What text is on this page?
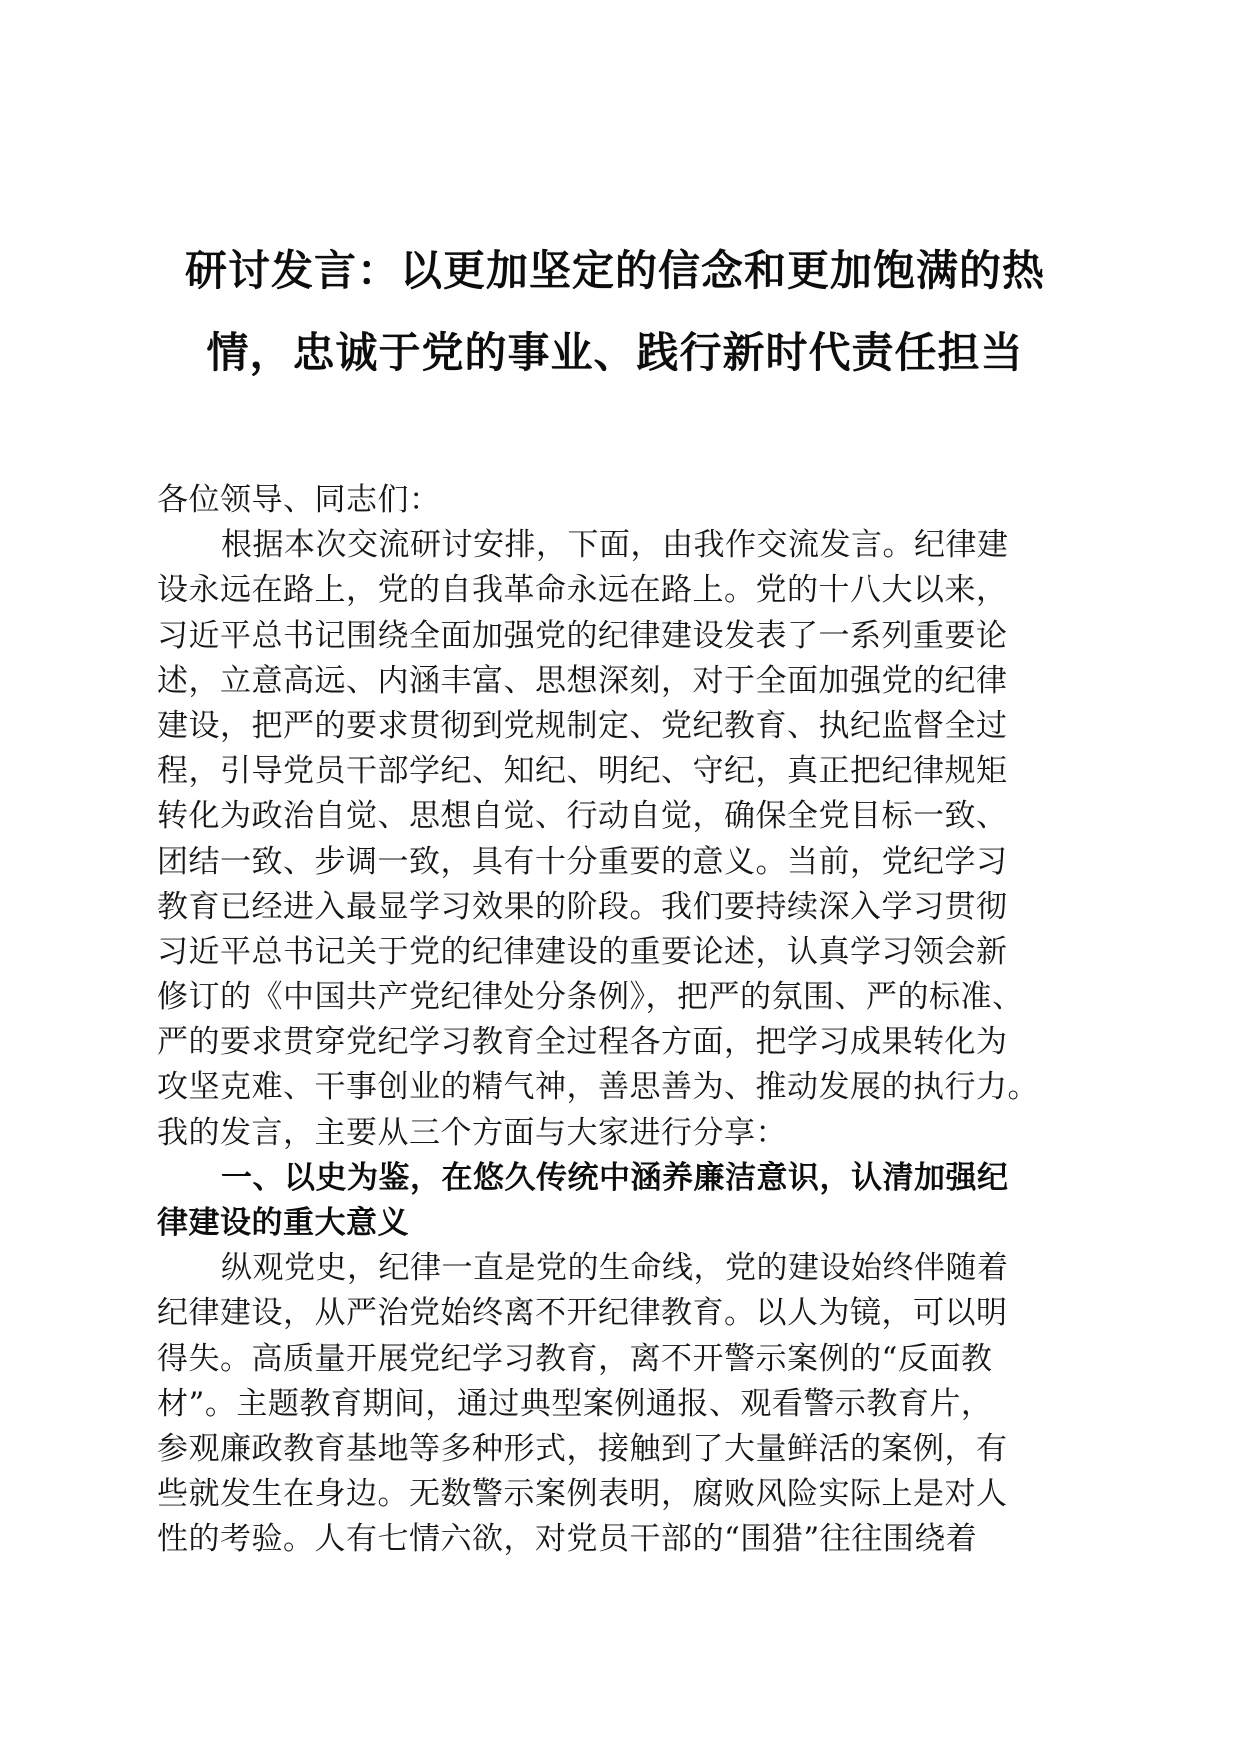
研讨发言：以更加坚定的信念和更加饱满的热
情，忠诚于党的事业、践行新时代责任担当
各位领导、同志们：
根据本次交流研讨安排，下面，由我作交流发言。纪律建
设永远在路上，党的自我革命永远在路上。党的十八大以来，
习近平总书记围绕全面加强党的纪律建设发表了一系列重要论
述，立意高远、内涵丰富、思想深刻，对于全面加强党的纪律
建设，把严的要求贯彻到党规制定、党纪教育、执纪监督全过
程，引导党员干部学纪、知纪、明纪、守纪，真正把纪律规矩
转化为政治自觉、思想自觉、行动自觉，确保全党目标一致、
团结一致、步调一致，具有十分重要的意义。当前，党纪学习
教育已经进入最显学习效果的阶段。我们要持续深入学习贯彻
习近平总书记关于党的纪律建设的重要论述，认真学习领会新
修订的《中国共产党纪律处分条例》，把严的氛围、严的标准、
严的要求贯穿党纪学习教育全过程各方面，把学习成果转化为
攻坚克难、干事创业的精气神，善思善为、推动发展的执行力。
我的发言，主要从三个方面与大家进行分享：
一、以史为鉴，在悠久传统中涵养廉洁意识，认清加强纪
律建设的重大意义
纵观党史，纪律一直是党的生命线，党的建设始终伴随着
纪律建设，从严治党始终离不开纪律教育。以人为镜，可以明
得失。高质量开展党纪学习教育，离不开警示案例的“反面教
材”。主题教育期间，通过典型案例通报、观看警示教育片，
参观廉政教育基地等多种形式，接触到了大量鲜活的案例，有
些就发生在身边。无数警示案例表明，腐败风险实际上是对人
性的考验。人有七情六欲，对党员干部的“围猎”往往围绕着
